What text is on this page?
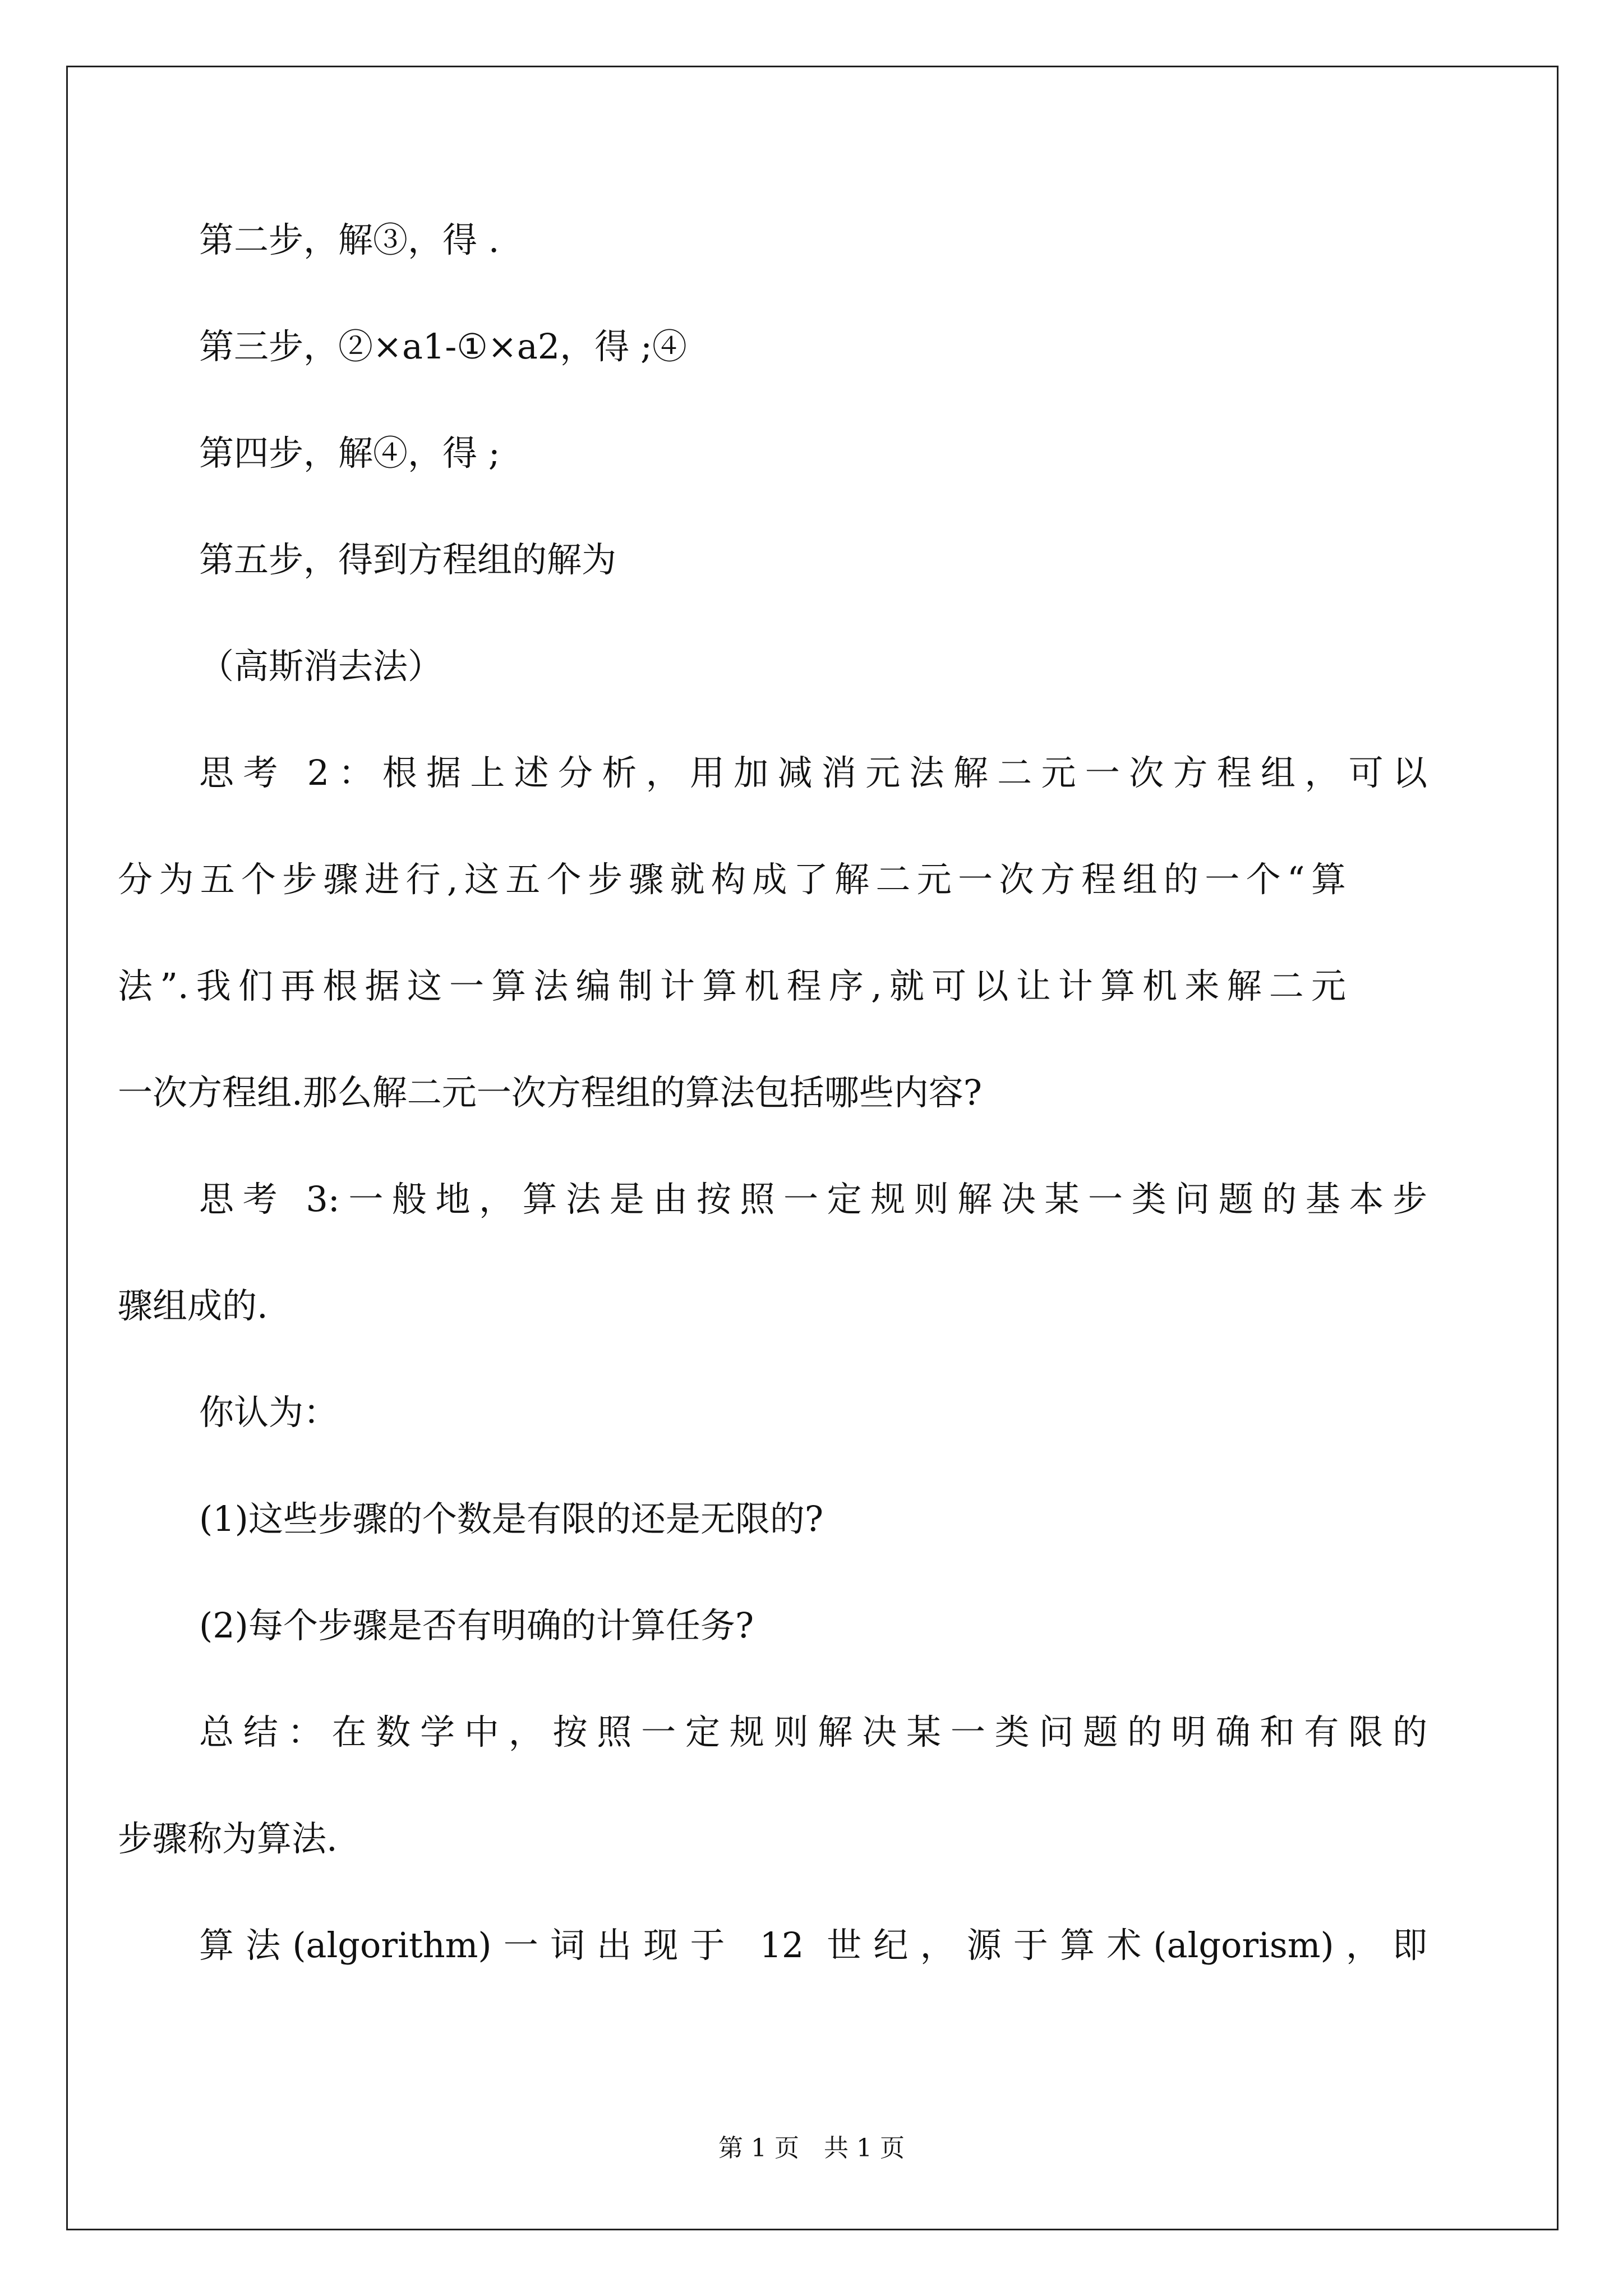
第二步，解③，得 .
第三步，②×a1-①×a2，得 ;④
第四步，解④，得 ;
第五步，得到方程组的解为
（高斯消去法）
思考 2：根据上述分析，用加减消元法解二元一次方程组，可以
分为五个步骤进行,这五个步骤就构成了解二元一次方程组的一个“算
法”.我们再根据这一算法编制计算机程序,就可以让计算机来解二元
一次方程组.那么解二元一次方程组的算法包括哪些内容?
思考 3:一般地，算法是由按照一定规则解决某一类问题的基本步
骤组成的.
你认为：
(1)这些步骤的个数是有限的还是无限的?
(2)每个步骤是否有明确的计算任务?
总结：在数学中，按照一定规则解决某一类问题的明确和有限的
步骤称为算法.
算法(algorithm)一词出现于 12 世纪，源于算术(algorism)，即
第 1 页　共 1 页
